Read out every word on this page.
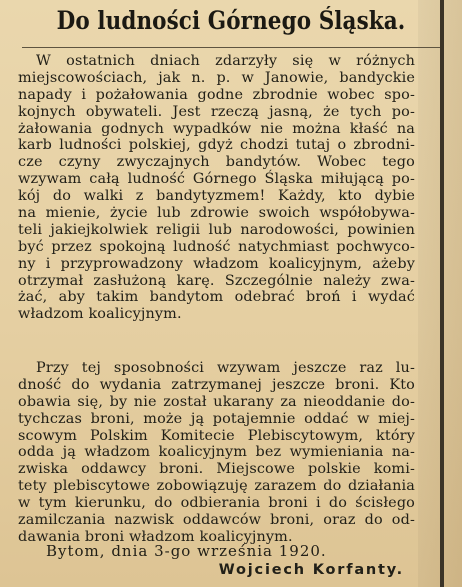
Do ludności Górnego Śląska.
W ostatnich dniach zdarzyły się w różnych
miejscowościach, jak n. p. w Janowie, bandyckie
napady i pożałowania godne zbrodnie wobec spo-
kojnych obywateli. Jest rzeczą jasną, że tych po-
żałowania godnych wypadków nie można kłaść na
karb ludności polskiej, gdyż chodzi tutaj o zbrodni-
cze czyny zwyczajnych bandytów. Wobec tego
wzywam całą ludność Górnego Śląska miłującą po-
kój do walki z bandytyzmem! Każdy, kto dybie
na mienie, życie lub zdrowie swoich współobywa-
teli jakiejkolwiek religii lub narodowości, powinien
być przez spokojną ludność natychmiast pochwyco-
ny i przyprowadzony władzom koalicyjnym, ażeby
otrzymał zasłużoną karę. Szczególnie należy zwa-
żać, aby takim bandytom odebrać broń i wydać
władzom koalicyjnym.
Przy tej sposobności wzywam jeszcze raz lu-
dność do wydania zatrzymanej jeszcze broni. Kto
obawia się, by nie został ukarany za nieoddanie do-
tychczas broni, może ją potajemnie oddać w miej-
scowym Polskim Komitecie Plebiscytowym, który
odda ją władzom koalicyjnym bez wymieniania na-
zwiska oddawcy broni. Miejscowe polskie komi-
tety plebiscytowe zobowiązuję zarazem do działania
w tym kierunku, do odbierania broni i do ścisłego
zamilczania nazwisk oddawców broni, oraz do od-
dawania broni władzom koalicyjnym.
Bytom, dnia 3-go września 1920.
Wojciech Korfanty.
